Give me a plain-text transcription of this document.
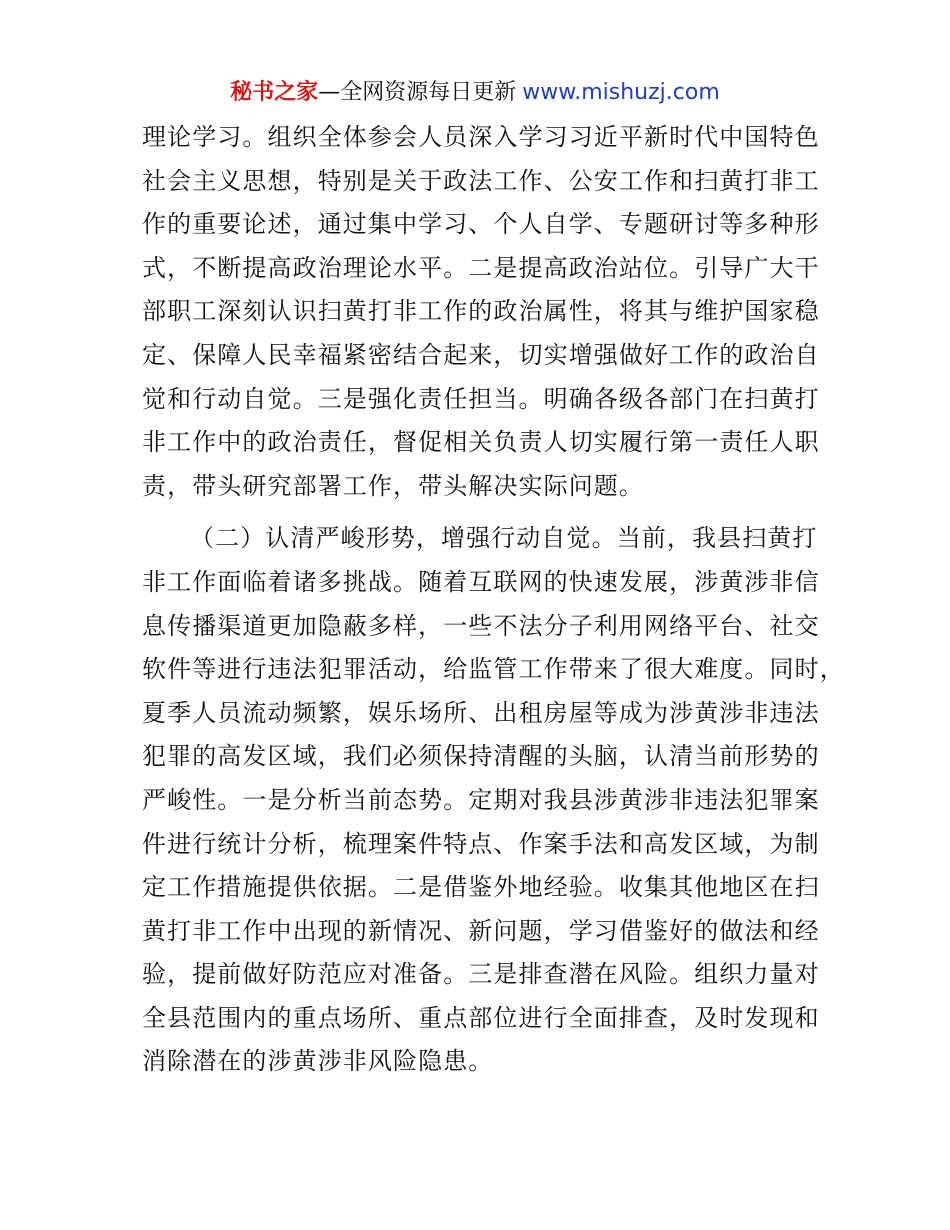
秘书之家—全网资源每日更新 www.mishuzj.com
理论学习。组织全体参会人员深入学习习近平新时代中国特色
社会主义思想，特别是关于政法工作、公安工作和扫黄打非工
作的重要论述，通过集中学习、个人自学、专题研讨等多种形
式，不断提高政治理论水平。二是提高政治站位。引导广大干
部职工深刻认识扫黄打非工作的政治属性，将其与维护国家稳
定、保障人民幸福紧密结合起来，切实增强做好工作的政治自
觉和行动自觉。三是强化责任担当。明确各级各部门在扫黄打
非工作中的政治责任，督促相关负责人切实履行第一责任人职
责，带头研究部署工作，带头解决实际问题。
（二）认清严峻形势，增强行动自觉。当前，我县扫黄打
非工作面临着诸多挑战。随着互联网的快速发展，涉黄涉非信
息传播渠道更加隐蔽多样，一些不法分子利用网络平台、社交
软件等进行违法犯罪活动，给监管工作带来了很大难度。同时，
夏季人员流动频繁，娱乐场所、出租房屋等成为涉黄涉非违法
犯罪的高发区域，我们必须保持清醒的头脑，认清当前形势的
严峻性。一是分析当前态势。定期对我县涉黄涉非违法犯罪案
件进行统计分析，梳理案件特点、作案手法和高发区域，为制
定工作措施提供依据。二是借鉴外地经验。收集其他地区在扫
黄打非工作中出现的新情况、新问题，学习借鉴好的做法和经
验，提前做好防范应对准备。三是排查潜在风险。组织力量对
全县范围内的重点场所、重点部位进行全面排查，及时发现和
消除潜在的涉黄涉非风险隐患。
